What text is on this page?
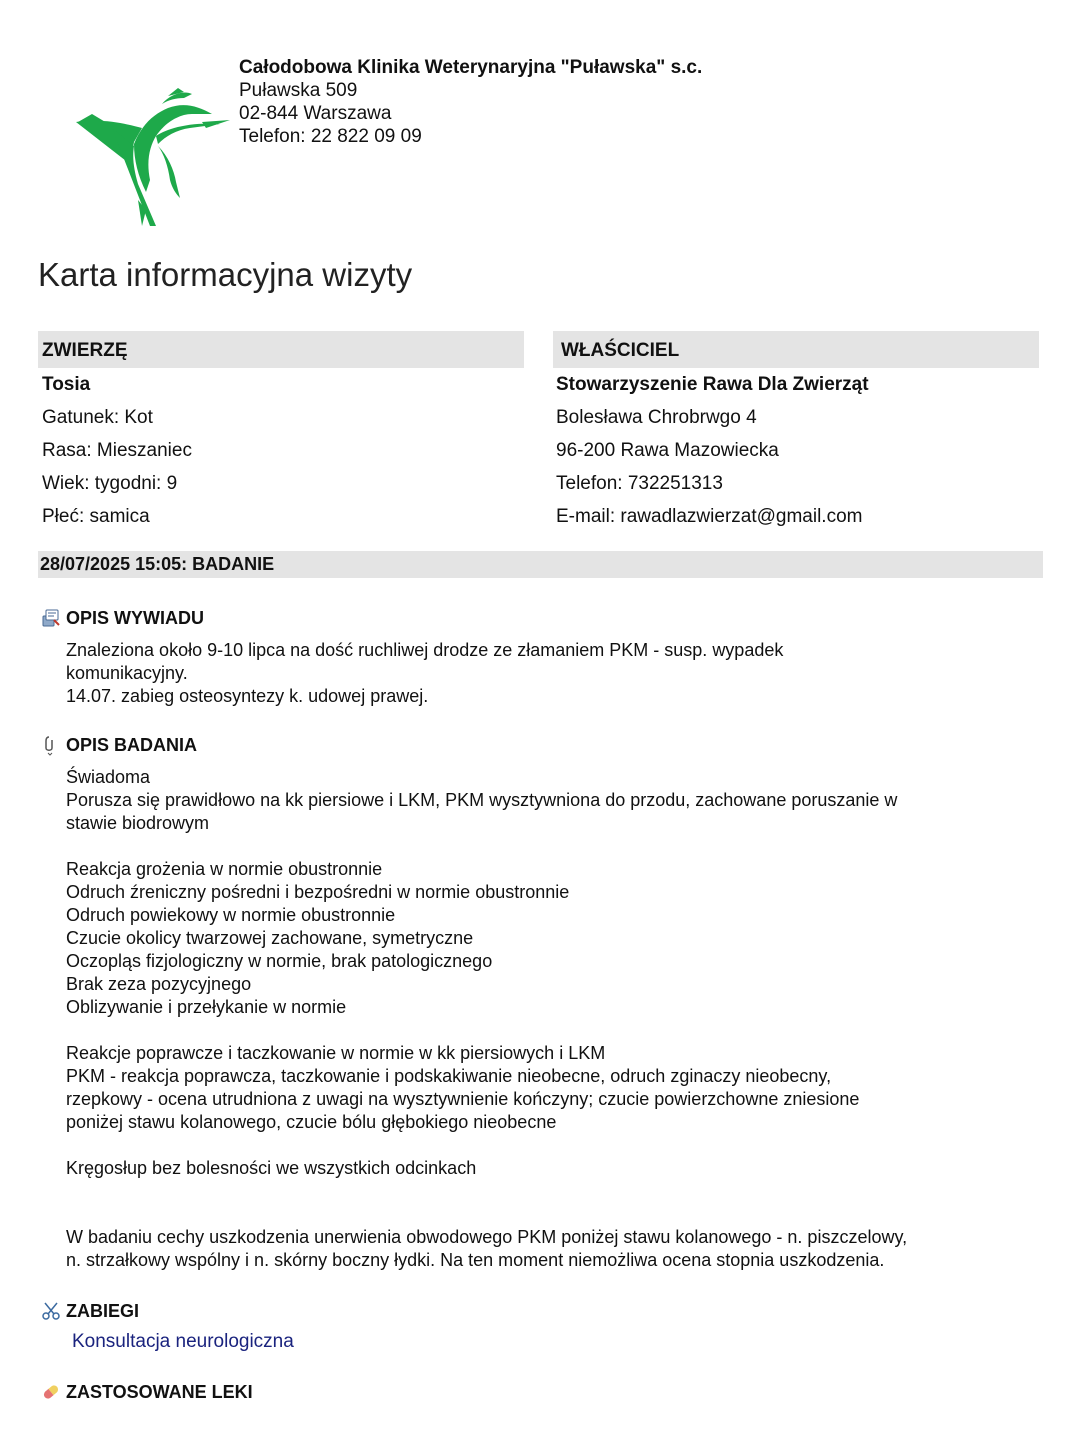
Całodobowa Klinika Weterynaryjna "Puławska" s.c.
Puławska 509
02-844 Warszawa
Telefon: 22 822 09 09
Karta informacyjna wizyty
ZWIERZĘ
Tosia
Gatunek: Kot
Rasa: Mieszaniec
Wiek: tygodni: 9
Płeć: samica
WŁAŚCICIEL
Stowarzyszenie Rawa Dla Zwierząt
Bolesława Chrobrwgo 4
96-200 Rawa Mazowiecka
Telefon: 732251313
E-mail: rawadlazwierzat@gmail.com
28/07/2025 15:05: BADANIE
OPIS WYWIADU
Znaleziona około 9-10 lipca na dość ruchliwej drodze ze złamaniem PKM - susp. wypadek
komunikacyjny.
14.07. zabieg osteosyntezy k. udowej prawej.
OPIS BADANIA
Świadoma
Porusza się prawidłowo na kk piersiowe i LKM, PKM wysztywniona do przodu, zachowane poruszanie w
stawie biodrowym

Reakcja grożenia w normie obustronnie
Odruch źreniczny pośredni i bezpośredni w normie obustronnie
Odruch powiekowy w normie obustronnie
Czucie okolicy twarzowej zachowane, symetryczne
Oczopląs fizjologiczny w normie, brak patologicznego
Brak zeza pozycyjnego
Oblizywanie i przełykanie w normie

Reakcje poprawcze i taczkowanie w normie w kk piersiowych i LKM
PKM - reakcja poprawcza, taczkowanie i podskakiwanie nieobecne, odruch zginaczy nieobecny,
rzepkowy - ocena utrudniona z uwagi na wysztywnienie kończyny; czucie powierzchowne zniesione
poniżej stawu kolanowego, czucie bólu głębokiego nieobecne

Kręgosłup bez bolesności we wszystkich odcinkach

W badaniu cechy uszkodzenia unerwienia obwodowego PKM poniżej stawu kolanowego - n. piszczelowy,
n. strzałkowy wspólny i n. skórny boczny łydki. Na ten moment niemożliwa ocena stopnia uszkodzenia.
ZABIEGI
Konsultacja neurologiczna
ZASTOSOWANE LEKI
